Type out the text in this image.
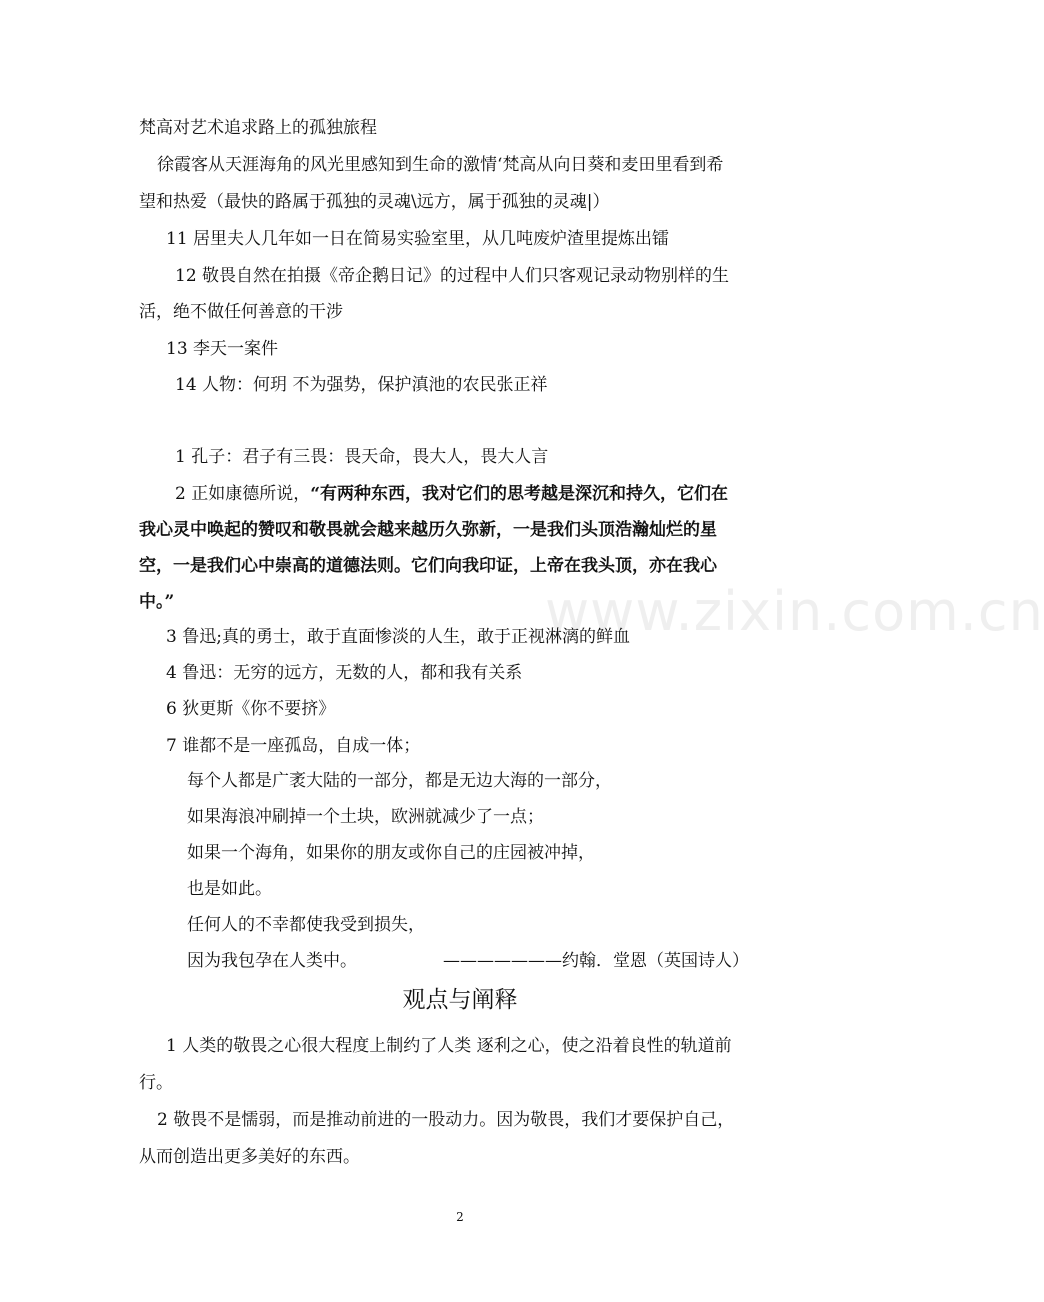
www.zixin.com.cn
梵高对艺术追求路上的孤独旅程
徐霞客从天涯海角的风光里感知到生命的激情‘梵高从向日葵和麦田里看到希
望和热爱（最快的路属于孤独的灵魂\远方，属于孤独的灵魂|）
11 居里夫人几年如一日在简易实验室里，从几吨废炉渣里提炼出镭
12 敬畏自然在拍摄《帝企鹅日记》的过程中人们只客观记录动物别样的生
活，绝不做任何善意的干涉
13 李天一案件
14 人物：何玥 不为强势，保护滇池的农民张正祥
1 孔子：君子有三畏：畏天命，畏大人，畏大人言
2 正如康德所说，“有两种东西，我对它们的思考越是深沉和持久，它们在
我心灵中唤起的赞叹和敬畏就会越来越历久弥新，一是我们头顶浩瀚灿烂的星
空，一是我们心中崇高的道德法则。它们向我印证，上帝在我头顶，亦在我心
中。”
3 鲁迅;真的勇士，敢于直面惨淡的人生，敢于正视淋漓的鲜血
4 鲁迅：无穷的远方，无数的人，都和我有关系
6 狄更斯《你不要挤》
7 谁都不是一座孤岛，自成一体；
每个人都是广袤大陆的一部分，都是无边大海的一部分，
如果海浪冲刷掉一个土块，欧洲就减少了一点；
如果一个海角，如果你的朋友或你自己的庄园被冲掉，
也是如此。
任何人的不幸都使我受到损失，
因为我包孕在人类中。	———————约翰．堂恩（英国诗人）
观点与阐释
1 人类的敬畏之心很大程度上制约了人类 逐利之心，使之沿着良性的轨道前
行。
2 敬畏不是懦弱，而是推动前进的一股动力。因为敬畏，我们才要保护自己，
从而创造出更多美好的东西。
2
